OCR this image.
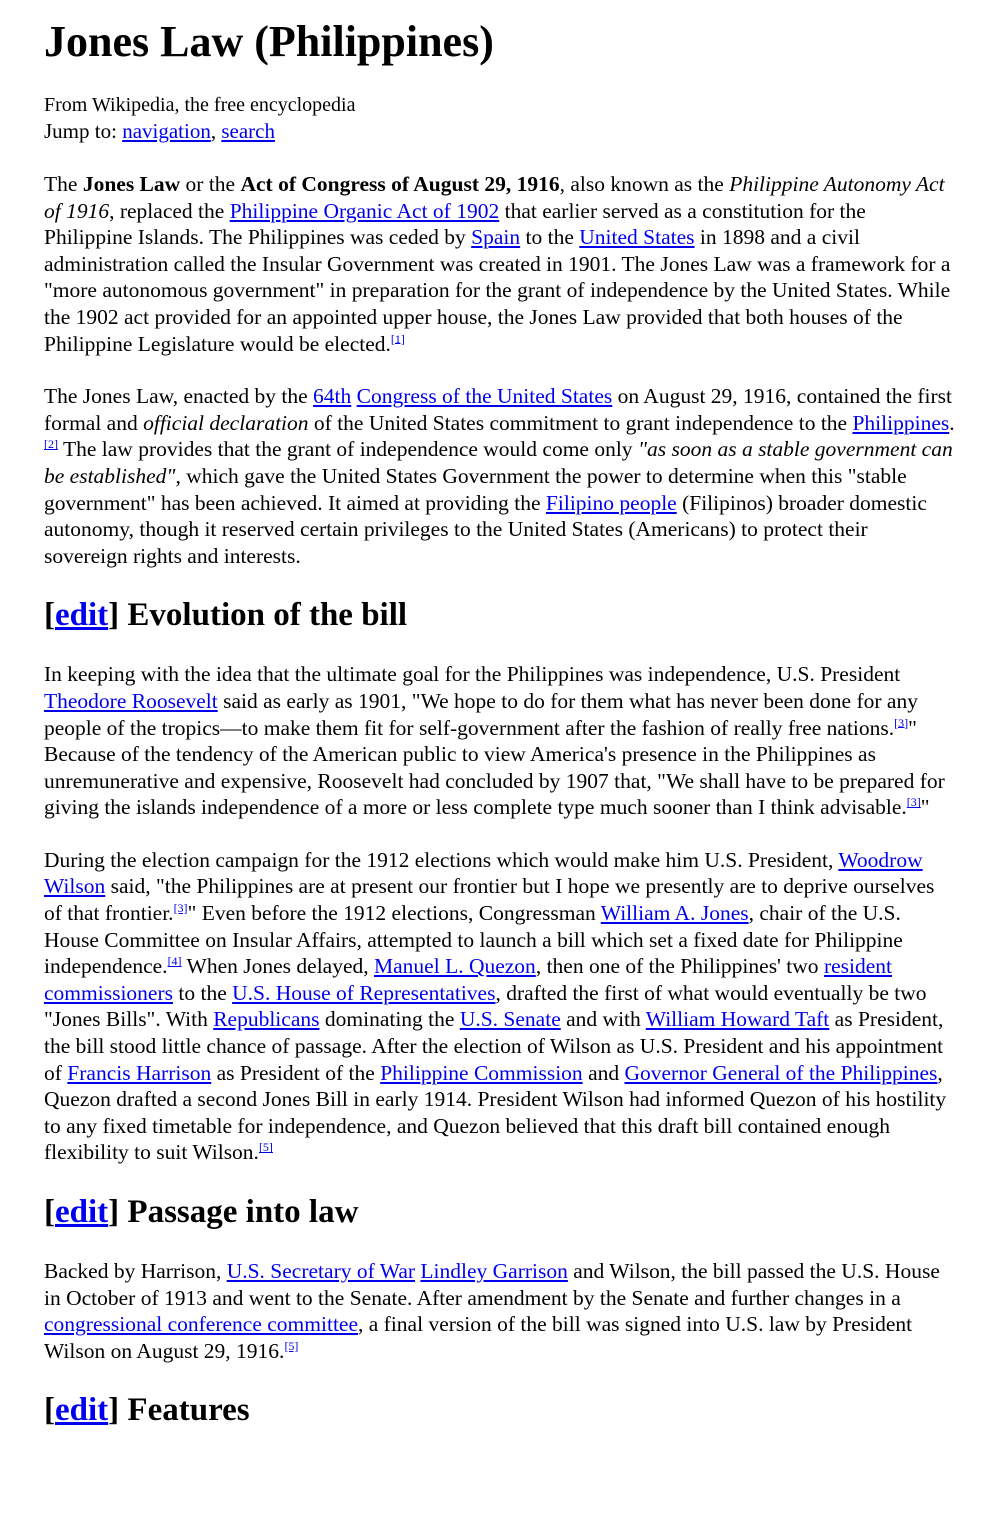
Jones Law (Philippines)
From Wikipedia, the free encyclopedia
Jump to: navigation, search

The Jones Law or the Act of Congress of August 29, 1916, also known as the Philippine Autonomy Act of 1916, replaced the Philippine Organic Act of 1902 that earlier served as a constitution for the Philippine Islands. The Philippines was ceded by Spain to the United States in 1898 and a civil administration called the Insular Government was created in 1901. The Jones Law was a framework for a "more autonomous government" in preparation for the grant of independence by the United States. While the 1902 act provided for an appointed upper house, the Jones Law provided that both houses of the Philippine Legislature would be elected.[1]

The Jones Law, enacted by the 64th Congress of the United States on August 29, 1916, contained the first formal and official declaration of the United States commitment to grant independence to the Philippines.[2] The law provides that the grant of independence would come only "as soon as a stable government can be established", which gave the United States Government the power to determine when this "stable government" has been achieved. It aimed at providing the Filipino people (Filipinos) broader domestic autonomy, though it reserved certain privileges to the United States (Americans) to protect their sovereign rights and interests.

[edit] Evolution of the bill

In keeping with the idea that the ultimate goal for the Philippines was independence, U.S. President Theodore Roosevelt said as early as 1901, "We hope to do for them what has never been done for any people of the tropics—to make them fit for self-government after the fashion of really free nations.[3]" Because of the tendency of the American public to view America's presence in the Philippines as unremunerative and expensive, Roosevelt had concluded by 1907 that, "We shall have to be prepared for giving the islands independence of a more or less complete type much sooner than I think advisable.[3]"

During the election campaign for the 1912 elections which would make him U.S. President, Woodrow Wilson said, "the Philippines are at present our frontier but I hope we presently are to deprive ourselves of that frontier.[3]" Even before the 1912 elections, Congressman William A. Jones, chair of the U.S. House Committee on Insular Affairs, attempted to launch a bill which set a fixed date for Philippine independence.[4] When Jones delayed, Manuel L. Quezon, then one of the Philippines' two resident commissioners to the U.S. House of Representatives, drafted the first of what would eventually be two "Jones Bills". With Republicans dominating the U.S. Senate and with William Howard Taft as President, the bill stood little chance of passage. After the election of Wilson as U.S. President and his appointment of Francis Harrison as President of the Philippine Commission and Governor General of the Philippines, Quezon drafted a second Jones Bill in early 1914. President Wilson had informed Quezon of his hostility to any fixed timetable for independence, and Quezon believed that this draft bill contained enough flexibility to suit Wilson.[5]

[edit] Passage into law

Backed by Harrison, U.S. Secretary of War Lindley Garrison and Wilson, the bill passed the U.S. House in October of 1913 and went to the Senate. After amendment by the Senate and further changes in a congressional conference committee, a final version of the bill was signed into U.S. law by President Wilson on August 29, 1916.[5]

[edit] Features
